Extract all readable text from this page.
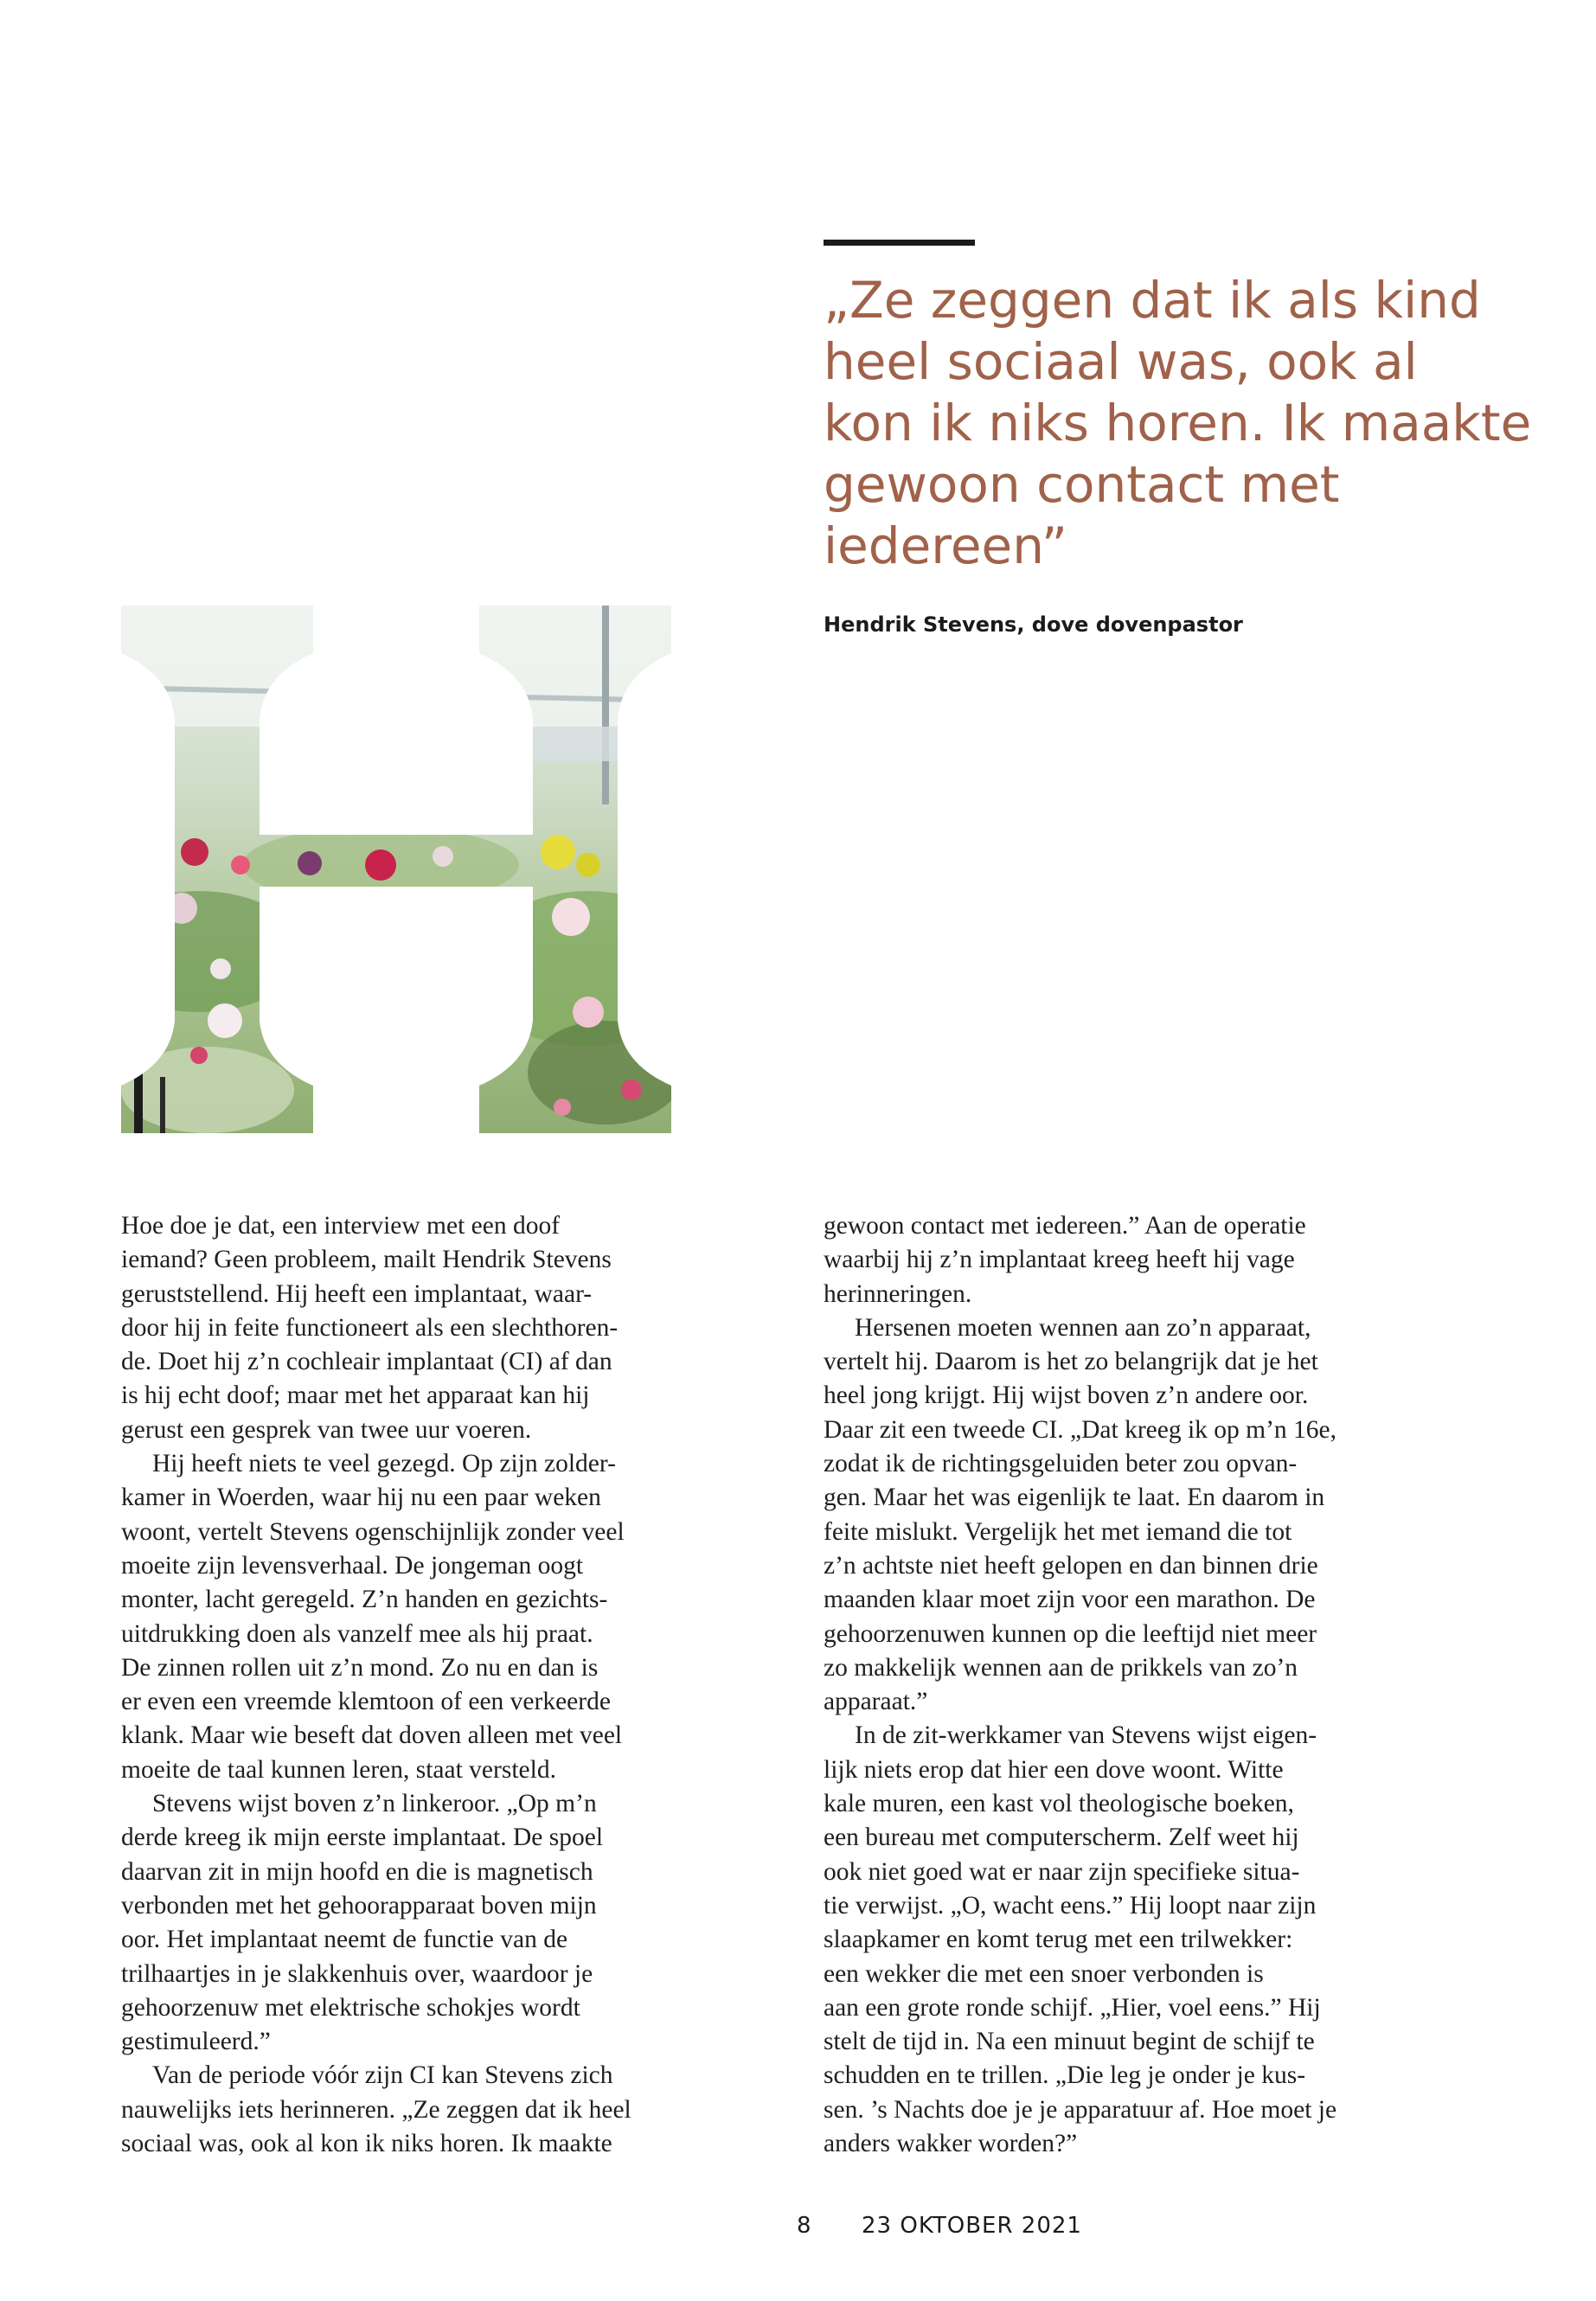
„Ze zeggen dat ik als kind
heel sociaal was, ook al
kon ik niks horen. Ik maakte
gewoon contact met
iedereen”

Hendrik Stevens, dove dovenpastor

Hoe doe je dat, een interview met een doof
iemand? Geen probleem, mailt Hendrik Stevens
geruststellend. Hij heeft een implantaat, waar-
door hij in feite functioneert als een slechthoren-
de. Doet hij z’n cochleair implantaat (CI) af dan
is hij echt doof; maar met het apparaat kan hij
gerust een gesprek van twee uur voeren.

Hij heeft niets te veel gezegd. Op zijn zolder-
kamer in Woerden, waar hij nu een paar weken
woont, vertelt Stevens ogenschijnlijk zonder veel
moeite zijn levensverhaal. De jongeman oogt
monter, lacht geregeld. Z’n handen en gezichts-
uitdrukking doen als vanzelf mee als hij praat.
De zinnen rollen uit z’n mond. Zo nu en dan is
er even een vreemde klemtoon of een verkeerde
klank. Maar wie beseft dat doven alleen met veel
moeite de taal kunnen leren, staat versteld.

Stevens wijst boven z’n linkeroor. „Op m’n
derde kreeg ik mijn eerste implantaat. De spoel
daarvan zit in mijn hoofd en die is magnetisch
verbonden met het gehoorapparaat boven mijn
oor. Het implantaat neemt de functie van de
trilhaartjes in je slakkenhuis over, waardoor je
gehoorzenuw met elektrische schokjes wordt
gestimuleerd.”

Van de periode vóór zijn CI kan Stevens zich
nauwelijks iets herinneren. „Ze zeggen dat ik heel
sociaal was, ook al kon ik niks horen. Ik maakte

gewoon contact met iedereen.” Aan de operatie
waarbij hij z’n implantaat kreeg heeft hij vage
herinneringen.

Hersenen moeten wennen aan zo’n apparaat,
vertelt hij. Daarom is het zo belangrijk dat je het
heel jong krijgt. Hij wijst boven z’n andere oor.
Daar zit een tweede CI. „Dat kreeg ik op m’n 16e,
zodat ik de richtingsgeluiden beter zou opvan-
gen. Maar het was eigenlijk te laat. En daarom in
feite mislukt. Vergelijk het met iemand die tot
z’n achtste niet heeft gelopen en dan binnen drie
maanden klaar moet zijn voor een marathon. De
gehoorzenuwen kunnen op die leeftijd niet meer
zo makkelijk wennen aan de prikkels van zo’n
apparaat.”

In de zit-werkkamer van Stevens wijst eigen-
lijk niets erop dat hier een dove woont. Witte
kale muren, een kast vol theologische boeken,
een bureau met computerscherm. Zelf weet hij
ook niet goed wat er naar zijn specifieke situa-
tie verwijst. „O, wacht eens.” Hij loopt naar zijn
slaapkamer en komt terug met een trilwekker:
een wekker die met een snoer verbonden is
aan een grote ronde schijf. „Hier, voel eens.” Hij
stelt de tijd in. Na een minuut begint de schijf te
schudden en te trillen. „Die leg je onder je kus-
sen. ’s Nachts doe je je apparatuur af. Hoe moet je
anders wakker worden?”

8 23 OKTOBER 2021
